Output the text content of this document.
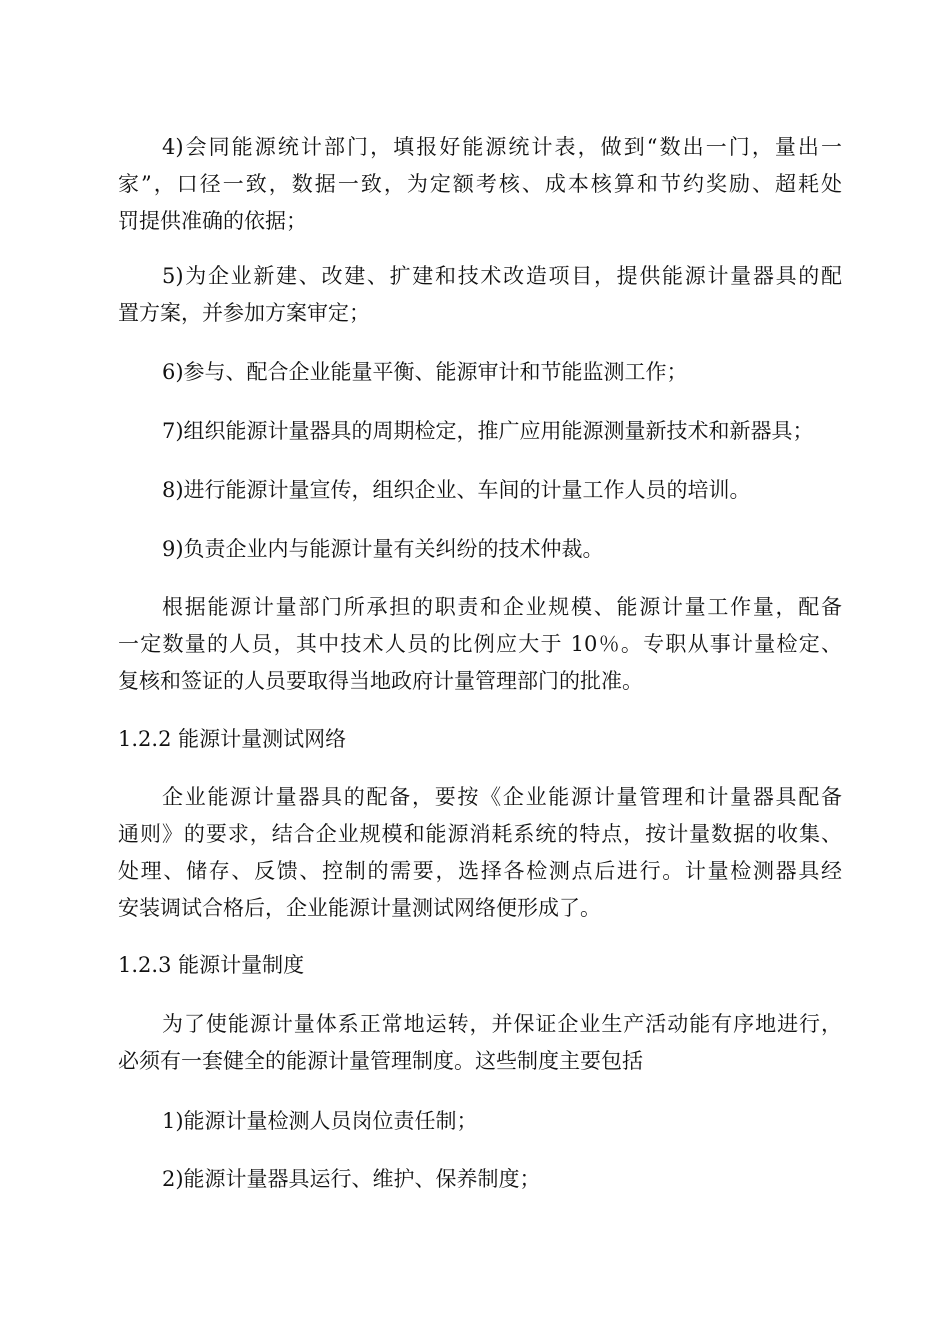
4)会同能源统计部门，填报好能源统计表，做到“数出一门，量出一
家”，口径一致，数据一致，为定额考核、成本核算和节约奖励、超耗处
罚提供准确的依据；
5)为企业新建、改建、扩建和技术改造项目，提供能源计量器具的配
置方案，并参加方案审定；
6)参与、配合企业能量平衡、能源审计和节能监测工作；
7)组织能源计量器具的周期检定，推广应用能源测量新技术和新器具；
8)进行能源计量宣传，组织企业、车间的计量工作人员的培训。
9)负责企业内与能源计量有关纠纷的技术仲裁。
根据能源计量部门所承担的职责和企业规模、能源计量工作量，配备
一定数量的人员，其中技术人员的比例应大于 10％。专职从事计量检定、
复核和签证的人员要取得当地政府计量管理部门的批准。
1.2.2 能源计量测试网络
企业能源计量器具的配备，要按《企业能源计量管理和计量器具配备
通则》的要求，结合企业规模和能源消耗系统的特点，按计量数据的收集、
处理、储存、反馈、控制的需要，选择各检测点后进行。计量检测器具经
安装调试合格后，企业能源计量测试网络便形成了。
1.2.3 能源计量制度
为了使能源计量体系正常地运转，并保证企业生产活动能有序地进行，
必须有一套健全的能源计量管理制度。这些制度主要包括
1)能源计量检测人员岗位责任制；
2)能源计量器具运行、维护、保养制度；
